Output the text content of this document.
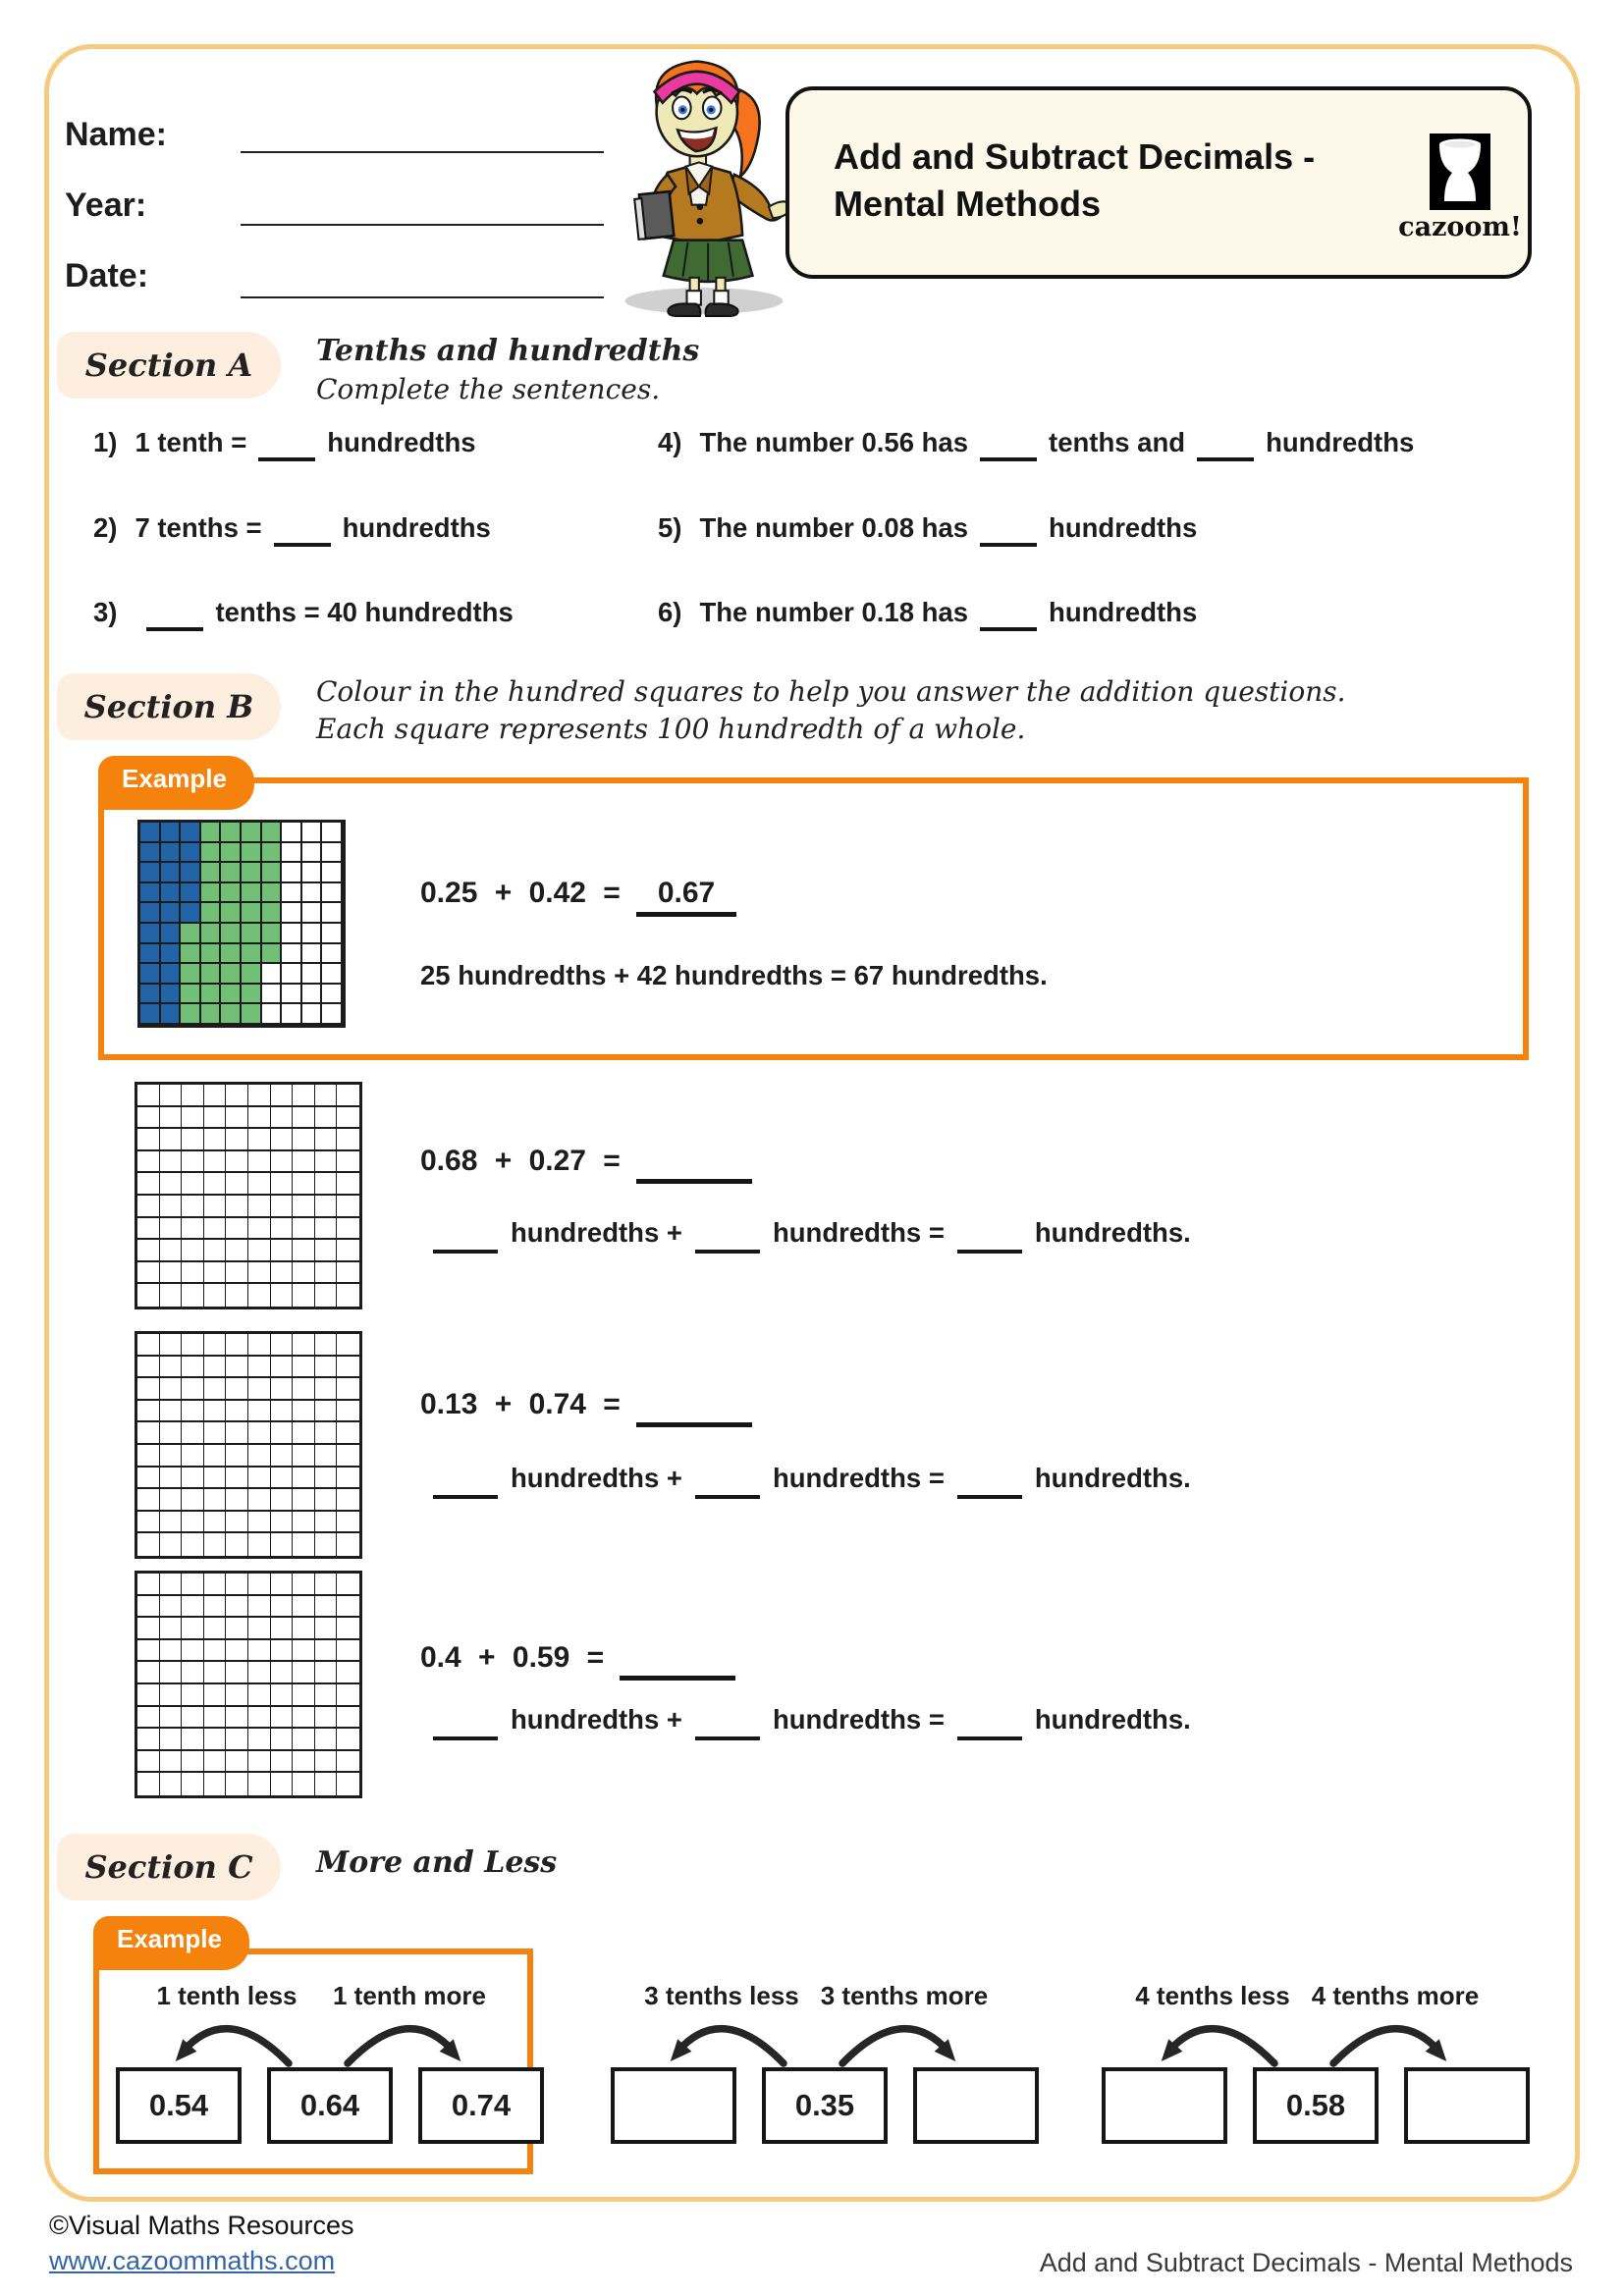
Name:
Year:
Date:
Add and Subtract Decimals -
Mental Methods
cazoom!
Section A	Tenths and hundredths
Complete the sentences.
1) 1 tenth =	hundredths
2) 7 tenths =	hundredths
3)	tenths = 40 hundredths
4) The number 0.56 has	tenths and	hundredths
5) The number 0.08 has	hundredths
6) The number 0.18 has	hundredths
Section B	Colour in the hundred squares to help you answer the addition questions.
Each square represents 100 hundredth of a whole.
Example
0.25 + 0.42 = 0.67
25 hundredths + 42 hundredths = 67 hundredths.
0.68 + 0.27 =
hundredths +	hundredths =	hundredths.
0.13 + 0.74 =
hundredths +	hundredths =	hundredths.
0.4 + 0.59 =
hundredths +	hundredths =	hundredths.
Section C	More and Less
Example
1 tenth less	1 tenth more
0.54	0.64	0.74
3 tenths less 3 tenths more
0.35
4 tenths less 4 tenths more
0.58
©Visual Maths Resources
www.cazoommaths.com	Add and Subtract Decimals - Mental Methods
